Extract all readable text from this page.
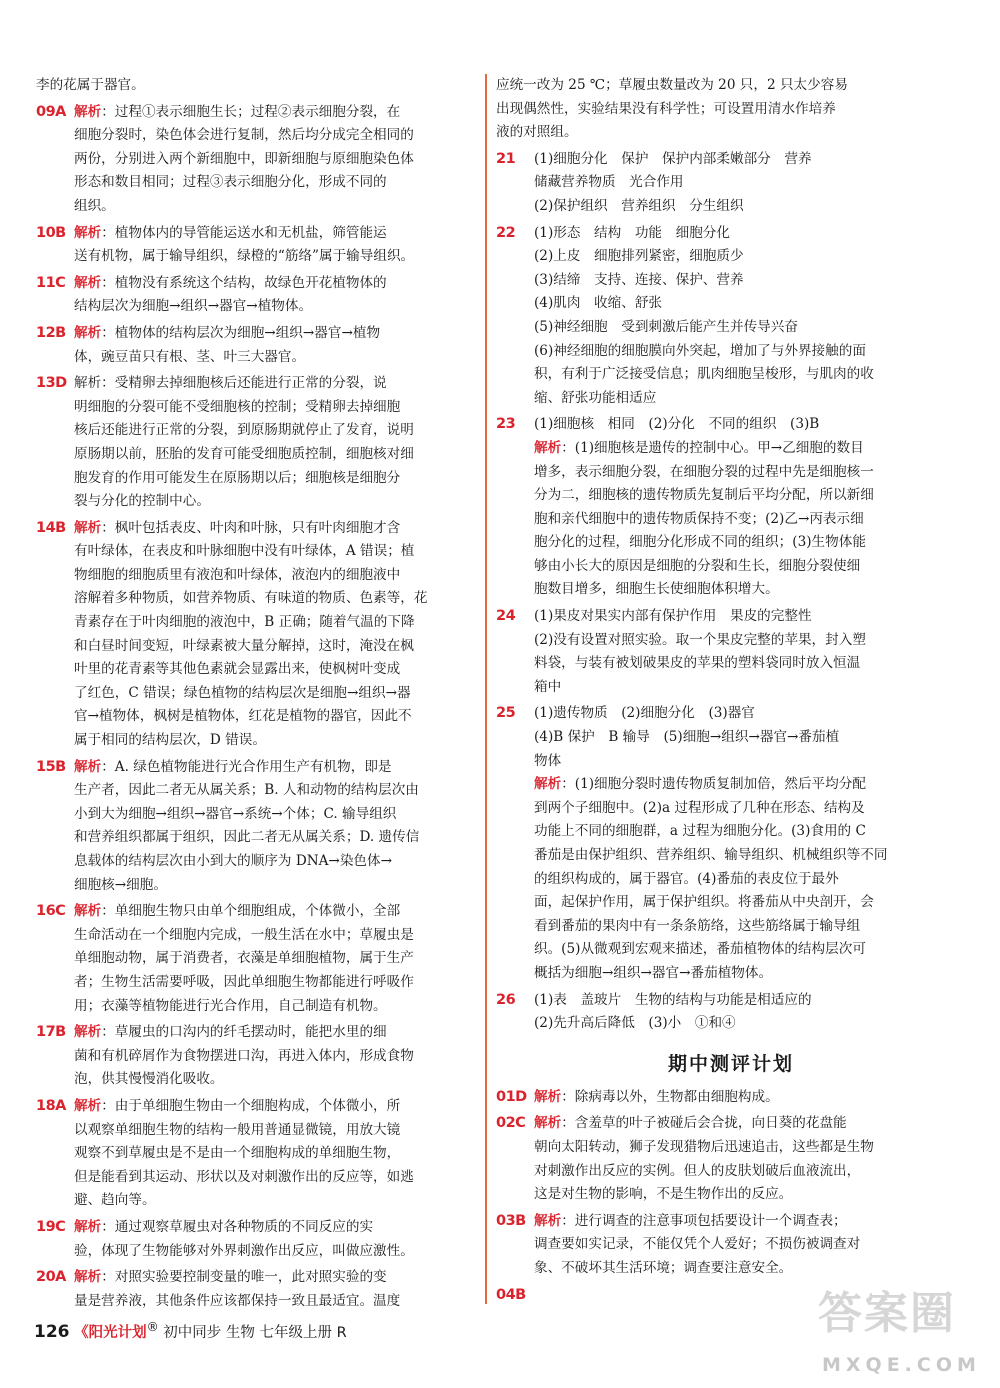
李的花属于器官。
09A 解析：过程①表示细胞生长；过程②表示细胞分裂，在
细胞分裂时，染色体会进行复制，然后均分成完全相同的
两份，分别进入两个新细胞中，即新细胞与原细胞染色体
形态和数目相同；过程③表示细胞分化，形成不同的
组织。
10B 解析：植物体内的导管能运送水和无机盐，筛管能运
送有机物，属于输导组织，绿橙的“筋络”属于输导组织。
11C 解析：植物没有系统这个结构，故绿色开花植物体的
结构层次为细胞→组织→器官→植物体。
12B 解析：植物体的结构层次为细胞→组织→器官→植物
体，豌豆苗只有根、茎、叶三大器官。
13D 解析：受精卵去掉细胞核后还能进行正常的分裂，说
明细胞的分裂可能不受细胞核的控制；受精卵去掉细胞
核后还能进行正常的分裂，到原肠期就停止了发育，说明
原肠期以前，胚胎的发育可能受细胞质控制，细胞核对细
胞发育的作用可能发生在原肠期以后；细胞核是细胞分
裂与分化的控制中心。
14B 解析：枫叶包括表皮、叶肉和叶脉，只有叶肉细胞才含
有叶绿体，在表皮和叶脉细胞中没有叶绿体，A 错误；植
物细胞的细胞质里有液泡和叶绿体，液泡内的细胞液中
溶解着多种物质，如营养物质、有味道的物质、色素等，花
青素存在于叶肉细胞的液泡中，B 正确；随着气温的下降
和白昼时间变短，叶绿素被大量分解掉，这时，淹没在枫
叶里的花青素等其他色素就会显露出来，使枫树叶变成
了红色，C 错误；绿色植物的结构层次是细胞→组织→器
官→植物体，枫树是植物体，红花是植物的器官，因此不
属于相同的结构层次，D 错误。
15B 解析：A. 绿色植物能进行光合作用生产有机物，即是
生产者，因此二者无从属关系；B. 人和动物的结构层次由
小到大为细胞→组织→器官→系统→个体；C. 输导组织
和营养组织都属于组织，因此二者无从属关系；D. 遗传信
息载体的结构层次由小到大的顺序为 DNA→染色体→
细胞核→细胞。
16C 解析：单细胞生物只由单个细胞组成，个体微小，全部
生命活动在一个细胞内完成，一般生活在水中；草履虫是
单细胞动物，属于消费者，衣藻是单细胞植物，属于生产
者；生物生活需要呼吸，因此单细胞生物都能进行呼吸作
用；衣藻等植物能进行光合作用，自己制造有机物。
17B 解析：草履虫的口沟内的纤毛摆动时，能把水里的细
菌和有机碎屑作为食物摆进口沟，再进入体内，形成食物
泡，供其慢慢消化吸收。
18A 解析：由于单细胞生物由一个细胞构成，个体微小，所
以观察单细胞生物的结构一般用普通显微镜，用放大镜
观察不到草履虫是不是由一个细胞构成的单细胞生物，
但是能看到其运动、形状以及对刺激作出的反应等，如逃
避、趋向等。
19C 解析：通过观察草履虫对各种物质的不同反应的实
验，体现了生物能够对外界刺激作出反应，叫做应激性。
20A 解析：对照实验要控制变量的唯一，此对照实验的变
量是营养液，其他条件应该都保持一致且最适宜。温度
应统一改为 25 ℃；草履虫数量改为 20 只，2 只太少容易
出现偶然性，实验结果没有科学性；可设置用清水作培养
液的对照组。
21 (1)细胞分化　保护　保护内部柔嫩部分　营养
储藏营养物质　光合作用
(2)保护组织　营养组织　分生组织
22 (1)形态　结构　功能　细胞分化
(2)上皮　细胞排列紧密，细胞质少
(3)结缔　支持、连接、保护、营养
(4)肌肉　收缩、舒张
(5)神经细胞　受到刺激后能产生并传导兴奋
(6)神经细胞的细胞膜向外突起，增加了与外界接触的面
积，有利于广泛接受信息；肌肉细胞呈梭形，与肌肉的收
缩、舒张功能相适应
23 (1)细胞核　相同　(2)分化　不同的组织　(3)B
解析：(1)细胞核是遗传的控制中心。甲→乙细胞的数目
增多，表示细胞分裂，在细胞分裂的过程中先是细胞核一
分为二，细胞核的遗传物质先复制后平均分配，所以新细
胞和亲代细胞中的遗传物质保持不变；(2)乙→丙表示细
胞分化的过程，细胞分化形成不同的组织；(3)生物体能
够由小长大的原因是细胞的分裂和生长，细胞分裂使细
胞数目增多，细胞生长使细胞体积增大。
24 (1)果皮对果实内部有保护作用　果皮的完整性
(2)没有设置对照实验。取一个果皮完整的苹果，封入塑
料袋，与装有被划破果皮的苹果的塑料袋同时放入恒温
箱中
25 (1)遗传物质　(2)细胞分化　(3)器官
(4)B 保护　B 输导　(5)细胞→组织→器官→番茄植
物体
解析：(1)细胞分裂时遗传物质复制加倍，然后平均分配
到两个子细胞中。(2)a 过程形成了几种在形态、结构及
功能上不同的细胞群，a 过程为细胞分化。(3)食用的 C
番茄是由保护组织、营养组织、输导组织、机械组织等不同
的组织构成的，属于器官。(4)番茄的表皮位于最外
面，起保护作用，属于保护组织。将番茄从中央剖开，会
看到番茄的果肉中有一条条筋络，这些筋络属于输导组
织。(5)从微观到宏观来描述，番茄植物体的结构层次可
概括为细胞→组织→器官→番茄植物体。
26 (1)表　盖玻片　生物的结构与功能是相适应的
(2)先升高后降低　(3)小　①和④
期中测评计划
01D 解析：除病毒以外，生物都由细胞构成。
02C 解析：含羞草的叶子被碰后会合拢，向日葵的花盘能
朝向太阳转动，狮子发现猎物后迅速追击，这些都是生物
对刺激作出反应的实例。但人的皮肤划破后血液流出，
这是对生物的影响，不是生物作出的反应。
03B 解析：进行调查的注意事项包括要设计一个调查表；
调查要如实记录，不能仅凭个人爱好；不损伤被调查对
象、不破坏其生活环境；调查要注意安全。
04B
126 《阳光计划® 初中同步 生物 七年级上册 R	答案圈
MXQE.COM
